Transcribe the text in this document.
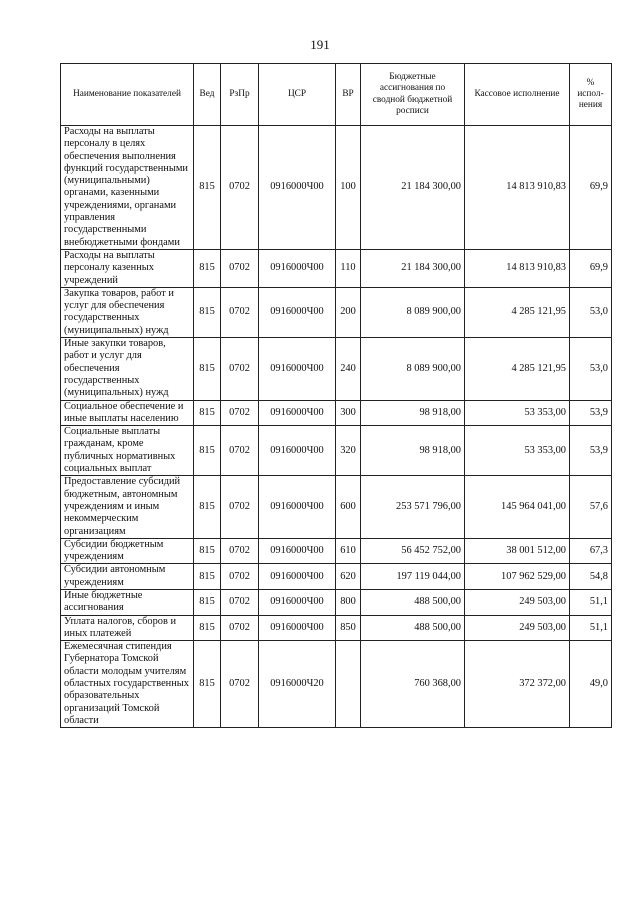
191
Наименование показателей	Вед	РзПр	ЦСР	ВР	Бюджетные ассигнования по сводной бюджетной росписи	Кассовое исполнение	% испол-нения
Расходы на выплаты персоналу в целях обеспечения выполнения функций государственными (муниципальными) органами, казенными учреждениями, органами управления государственными внебюджетными фондами	815	0702	0916000Ч00	100	21 184 300,00	14 813 910,83	69,9
Расходы на выплаты персоналу казенных учреждений	815	0702	0916000Ч00	110	21 184 300,00	14 813 910,83	69,9
Закупка товаров, работ и услуг для обеспечения государственных (муниципальных) нужд	815	0702	0916000Ч00	200	8 089 900,00	4 285 121,95	53,0
Иные закупки товаров, работ и услуг для обеспечения государственных (муниципальных) нужд	815	0702	0916000Ч00	240	8 089 900,00	4 285 121,95	53,0
Социальное обеспечение и иные выплаты населению	815	0702	0916000Ч00	300	98 918,00	53 353,00	53,9
Социальные выплаты гражданам, кроме публичных нормативных социальных выплат	815	0702	0916000Ч00	320	98 918,00	53 353,00	53,9
Предоставление субсидий бюджетным, автономным учреждениям и иным некоммерческим организациям	815	0702	0916000Ч00	600	253 571 796,00	145 964 041,00	57,6
Субсидии бюджетным учреждениям	815	0702	0916000Ч00	610	56 452 752,00	38 001 512,00	67,3
Субсидии автономным учреждениям	815	0702	0916000Ч00	620	197 119 044,00	107 962 529,00	54,8
Иные бюджетные ассигнования	815	0702	0916000Ч00	800	488 500,00	249 503,00	51,1
Уплата налогов, сборов и иных платежей	815	0702	0916000Ч00	850	488 500,00	249 503,00	51,1
Ежемесячная стипендия Губернатора Томской области молодым учителям областных государственных образовательных организаций Томской области	815	0702	0916000Ч20		760 368,00	372 372,00	49,0
